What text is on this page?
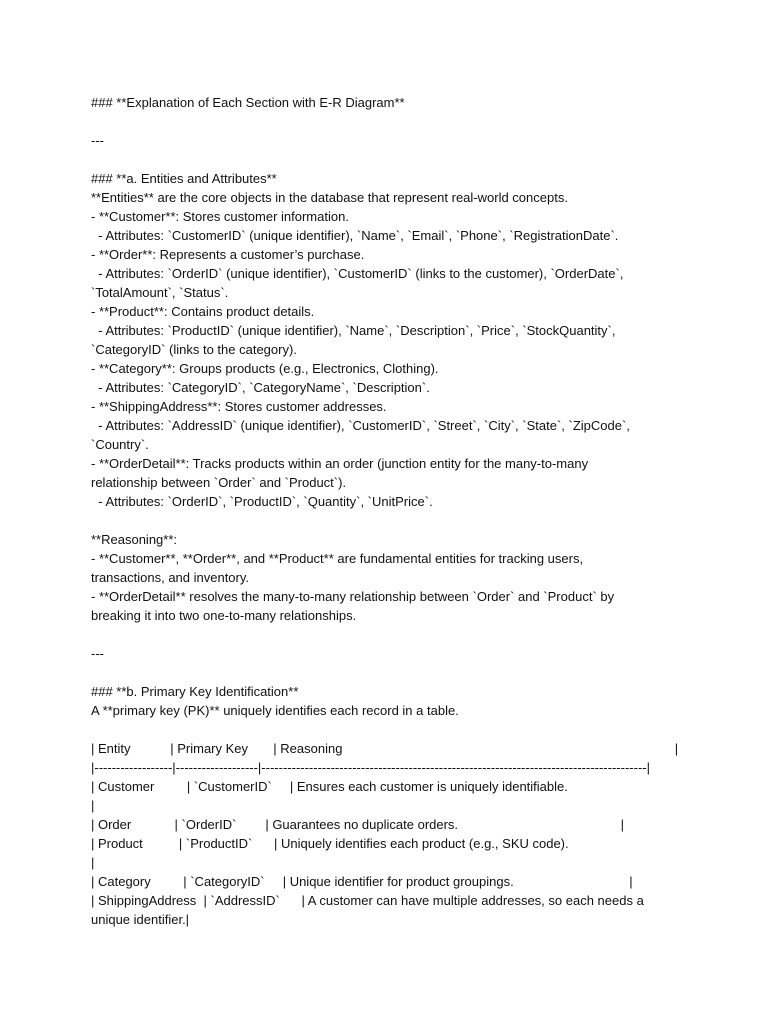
### **Explanation of Each Section with E-R Diagram**
---
### **a. Entities and Attributes**
**Entities** are the core objects in the database that represent real-world concepts.
- **Customer**: Stores customer information.
- Attributes: `CustomerID` (unique identifier), `Name`, `Email`, `Phone`, `RegistrationDate`.
- **Order**: Represents a customer’s purchase.
- Attributes: `OrderID` (unique identifier), `CustomerID` (links to the customer), `OrderDate`,
`TotalAmount`, `Status`.
- **Product**: Contains product details.
- Attributes: `ProductID` (unique identifier), `Name`, `Description`, `Price`, `StockQuantity`,
`CategoryID` (links to the category).
- **Category**: Groups products (e.g., Electronics, Clothing).
- Attributes: `CategoryID`, `CategoryName`, `Description`.
- **ShippingAddress**: Stores customer addresses.
- Attributes: `AddressID` (unique identifier), `CustomerID`, `Street`, `City`, `State`, `ZipCode`,
`Country`.
- **OrderDetail**: Tracks products within an order (junction entity for the many-to-many
relationship between `Order` and `Product`).
- Attributes: `OrderID`, `ProductID`, `Quantity`, `UnitPrice`.
**Reasoning**:
- **Customer**, **Order**, and **Product** are fundamental entities for tracking users,
transactions, and inventory.
- **OrderDetail** resolves the many-to-many relationship between `Order` and `Product` by
breaking it into two one-to-many relationships.
---
### **b. Primary Key Identification**
A **primary key (PK)** uniquely identifies each record in a table.
| Entity           | Primary Key       | Reasoning                                                                                            |
|------------------|-------------------|-----------------------------------------------------------------------------------------|
| Customer         | `CustomerID`     | Ensures each customer is uniquely identifiable.
|
| Order            | `OrderID`        | Guarantees no duplicate orders.                                             |
| Product          | `ProductID`      | Uniquely identifies each product (e.g., SKU code).
|
| Category         | `CategoryID`     | Unique identifier for product groupings.                                |
| ShippingAddress  | `AddressID`      | A customer can have multiple addresses, so each needs a
unique identifier.|
